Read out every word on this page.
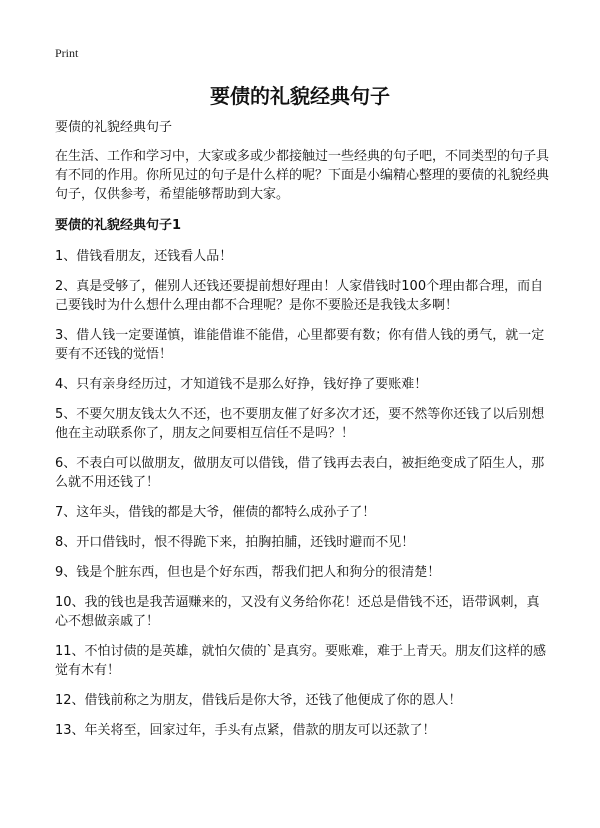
Print
要债的礼貌经典句子

要债的礼貌经典句子

在生活、工作和学习中，大家或多或少都接触过一些经典的句子吧，不同类型的句子具有不同的作用。你所见过的句子是什么样的呢？下面是小编精心整理的要债的礼貌经典句子，仅供参考，希望能够帮助到大家。

要债的礼貌经典句子1

1、借钱看朋友，还钱看人品！

2、真是受够了，催别人还钱还要提前想好理由！人家借钱时100个理由都合理，而自己要钱时为什么想什么理由都不合理呢？是你不要脸还是我钱太多啊！

3、借人钱一定要谨慎，谁能借谁不能借，心里都要有数；你有借人钱的勇气，就一定要有不还钱的觉悟！

4、只有亲身经历过，才知道钱不是那么好挣，钱好挣了要账难！

5、不要欠朋友钱太久不还，也不要朋友催了好多次才还，要不然等你还钱了以后别想他在主动联系你了，朋友之间要相互信任不是吗？！

6、不表白可以做朋友，做朋友可以借钱，借了钱再去表白，被拒绝变成了陌生人，那么就不用还钱了！

7、这年头，借钱的都是大爷，催债的都特么成孙子了！

8、开口借钱时，恨不得跪下来，拍胸拍脯，还钱时避而不见！

9、钱是个脏东西，但也是个好东西，帮我们把人和狗分的很清楚！

10、我的钱也是我苦逼赚来的，又没有义务给你花！还总是借钱不还，语带讽刺，真心不想做亲戚了！

11、不怕讨债的是英雄，就怕欠债的`是真穷。要账难，难于上青天。朋友们这样的感觉有木有！

12、借钱前称之为朋友，借钱后是你大爷，还钱了他便成了你的恩人！

13、年关将至，回家过年，手头有点紧，借款的朋友可以还款了！
